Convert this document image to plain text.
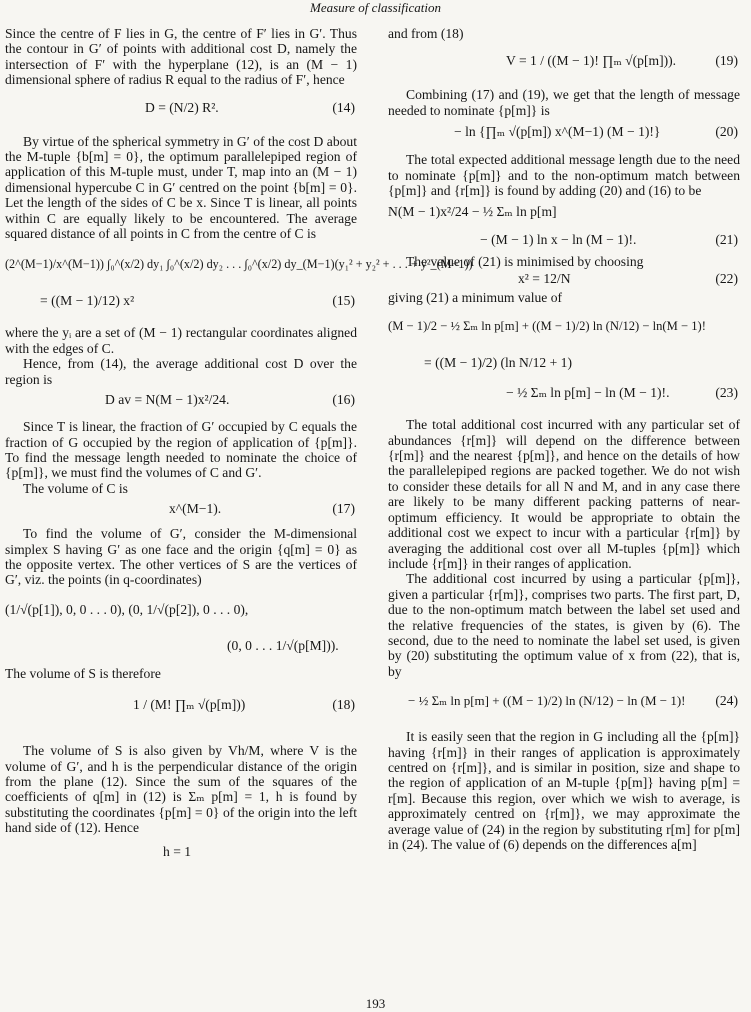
Measure of classification

Since the centre of F lies in G, the centre of F′ lies in G′. Thus the contour in G′ of points with additional cost D, namely the intersection of F′ with the hyperplane (12), is an (M − 1) dimensional sphere of radius R equal to the radius of F′, hence

D = (N/2) R².	(14)

By virtue of the spherical symmetry in G′ of the cost D about the M-tuple {b[m] = 0}, the optimum parallelepiped region of application of this M-tuple must, under T, map into an (M − 1) dimensional hypercube C in G′ centred on the point {b[m] = 0}. Let the length of the sides of C be x. Since T is linear, all points within C are equally likely to be encountered. The average squared distance of all points in C from the centre of C is

(2^(M−1)/x^(M−1)) ∫₀^(x/2) dy₁ ∫₀^(x/2) dy₂ . . . ∫₀^(x/2) dy_(M−1)(y₁² + y₂² + . . . + y²_(M−1))
= ((M − 1)/12) x²	(15)

where the yᵢ are a set of (M − 1) rectangular coordinates aligned with the edges of C.

Hence, from (14), the average additional cost D over the region is

D av = N(M − 1)x²/24.	(16)

Since T is linear, the fraction of G′ occupied by C equals the fraction of G occupied by the region of application of {p[m]}. To find the message length needed to nominate the choice of {p[m]}, we must find the volumes of C and G′.

The volume of C is

x^(M−1).	(17)

To find the volume of G′, consider the M-dimensional simplex S having G′ as one face and the origin {q[m] = 0} as the opposite vertex. The other vertices of S are the vertices of G′, viz. the points (in q-coordinates)

(1/√(p[1]), 0, 0 . . . 0), (0, 1/√(p[2]), 0 . . . 0),
(0, 0 . . . 1/√(p[M])).

The volume of S is therefore

1 / (M! ∏ₘ √(p[m]))	(18)

The volume of S is also given by Vh/M, where V is the volume of G′, and h is the perpendicular distance of the origin from the plane (12). Since the sum of the squares of the coefficients of q[m] in (12) is Σₘ p[m] = 1, h is found by substituting the coordinates {p[m] = 0} of the origin into the left hand side of (12). Hence

h = 1

and from (18)

V = 1 / ((M − 1)! ∏ₘ √(p[m])).	(19)

Combining (17) and (19), we get that the length of message needed to nominate {p[m]} is

− ln {∏ₘ √(p[m]) x^(M−1) (M − 1)!}	(20)

The total expected additional message length due to the need to nominate {p[m]} and to the non-optimum match between {p[m]} and {r[m]} is found by adding (20) and (16) to be

N(M − 1)x²/24 − ½ Σₘ ln p[m]
− (M − 1) ln x − ln (M − 1)!.	(21)

The value of (21) is minimised by choosing

x² = 12/N	(22)

giving (21) a minimum value of

(M − 1)/2 − ½ Σₘ ln p[m] + ((M − 1)/2) ln (N/12) − ln(M − 1)!
= ((M − 1)/2) (ln N/12 + 1)
− ½ Σₘ ln p[m] − ln (M − 1)!.	(23)

The total additional cost incurred with any particular set of abundances {r[m]} will depend on the difference between {r[m]} and the nearest {p[m]}, and hence on the details of how the parallelepiped regions are packed together. We do not wish to consider these details for all N and M, and in any case there are likely to be many different packing patterns of near-optimum efficiency. It would be appropriate to obtain the additional cost we expect to incur with a particular {r[m]} by averaging the additional cost over all M-tuples {p[m]} which include {r[m]} in their ranges of application.

The additional cost incurred by using a particular {p[m]}, given a particular {r[m]}, comprises two parts. The first part, D, due to the non-optimum match between the label set used and the relative frequencies of the states, is given by (6). The second, due to the need to nominate the label set used, is given by (20) substituting the optimum value of x from (22), that is, by

− ½ Σₘ ln p[m] + ((M − 1)/2) ln (N/12) − ln (M − 1)! (24)

It is easily seen that the region in G including all the {p[m]} having {r[m]} in their ranges of application is approximately centred on {r[m]}, and is similar in position, size and shape to the region of application of an M-tuple {p[m]} having p[m] = r[m]. Because this region, over which we wish to average, is approximately centred on {r[m]}, we may approximate the average value of (24) in the region by substituting r[m] for p[m] in (24). The value of (6) depends on the differences a[m]

193
